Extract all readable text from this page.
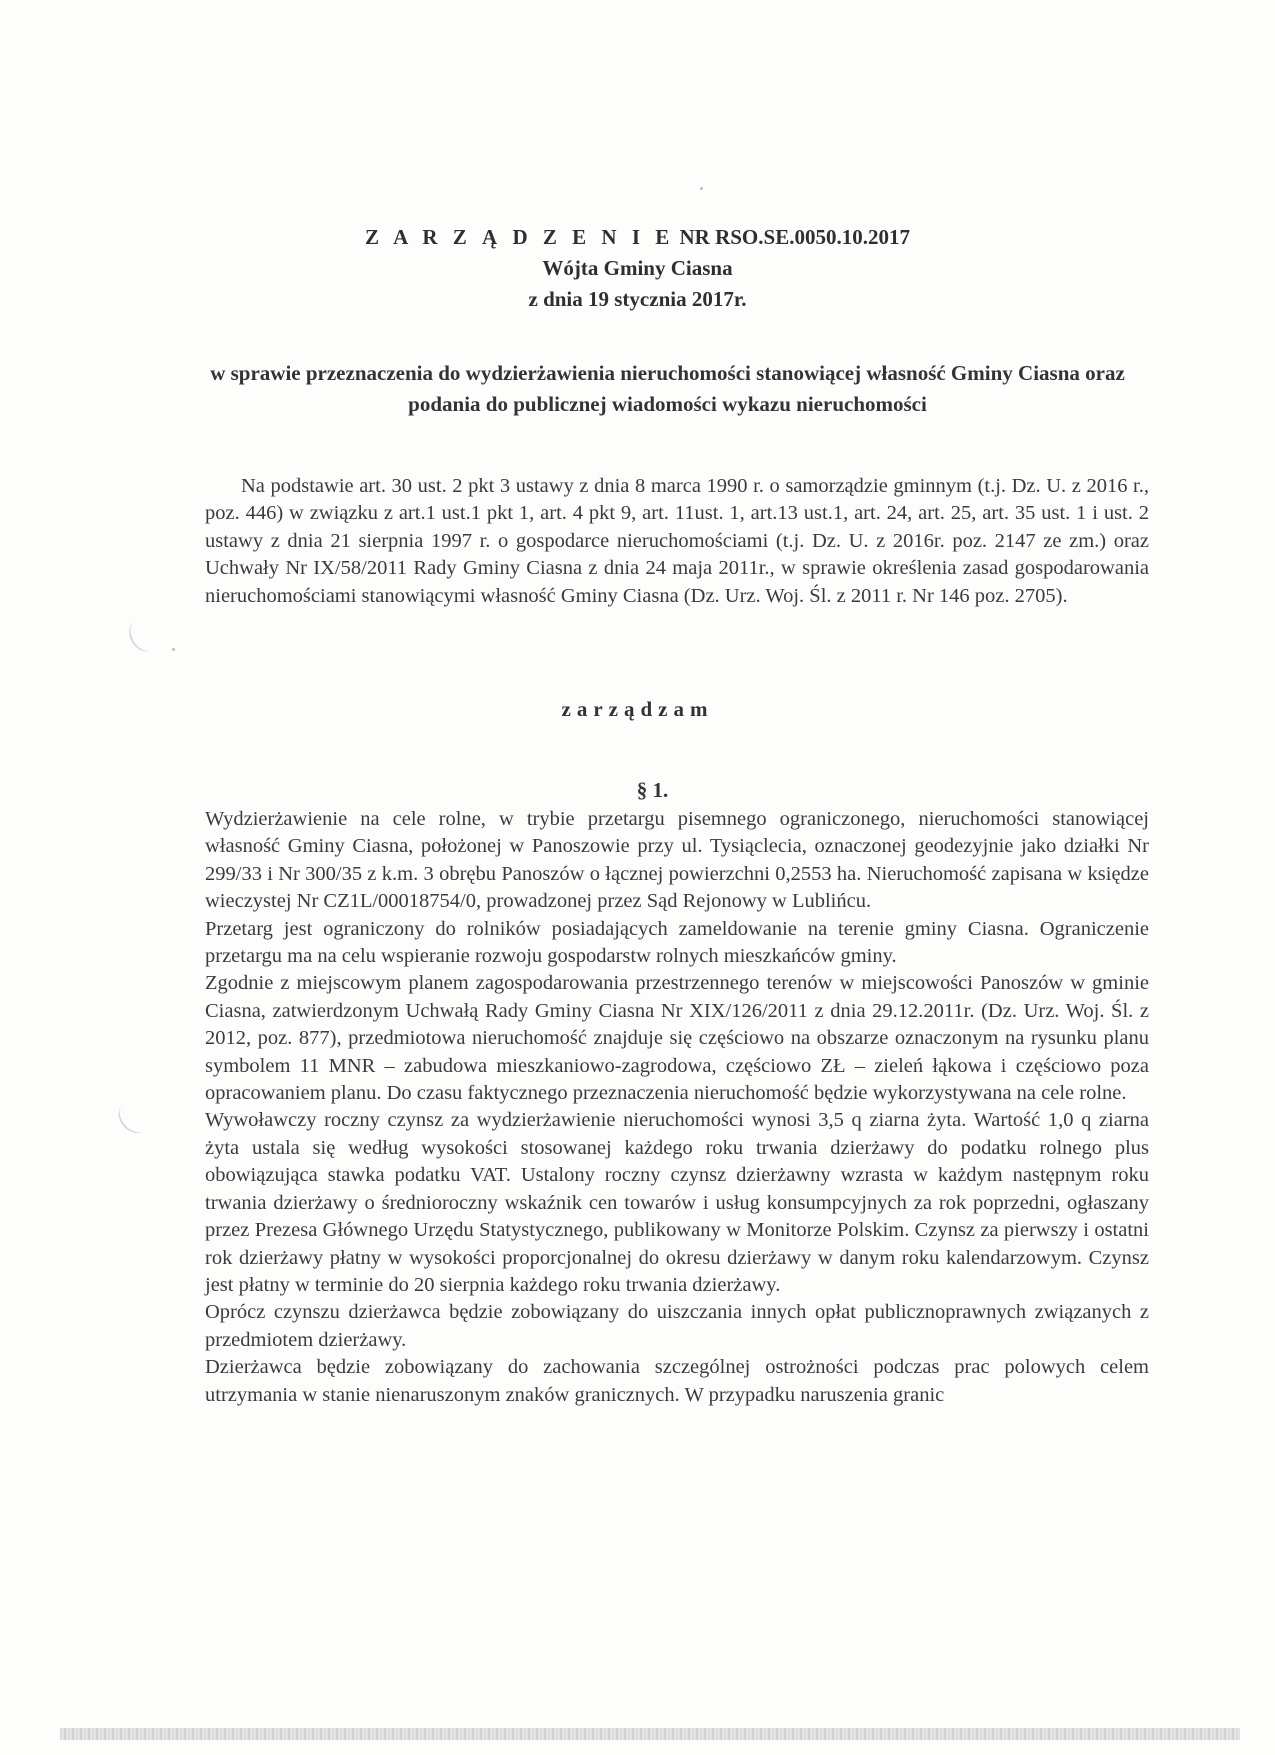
Z A R Z Ą D Z E N I E NR RSO.SE.0050.10.2017
Wójta Gminy Ciasna
z dnia 19 stycznia 2017r.
w sprawie przeznaczenia do wydzierżawienia nieruchomości stanowiącej własność Gminy Ciasna oraz podania do publicznej wiadomości wykazu nieruchomości
Na podstawie art. 30 ust. 2 pkt 3 ustawy z dnia 8 marca 1990 r. o samorządzie gminnym (t.j. Dz. U. z 2016 r., poz. 446) w związku z art.1 ust.1 pkt 1, art. 4 pkt 9, art. 11ust. 1, art.13 ust.1, art. 24, art. 25, art. 35 ust. 1 i ust. 2 ustawy z dnia 21 sierpnia 1997 r. o gospodarce nieruchomościami (t.j. Dz. U. z 2016r. poz. 2147 ze zm.) oraz Uchwały Nr IX/58/2011 Rady Gminy Ciasna z dnia 24 maja 2011r., w sprawie określenia zasad gospodarowania nieruchomościami stanowiącymi własność Gminy Ciasna (Dz. Urz. Woj. Śl. z 2011 r. Nr 146 poz. 2705).
zarządzam
§ 1.

Wydzierżawienie na cele rolne, w trybie przetargu pisemnego ograniczonego, nieruchomości stanowiącej własność Gminy Ciasna, położonej w Panoszowie przy ul. Tysiąclecia, oznaczonej geodezyjnie jako działki Nr 299/33 i Nr 300/35 z k.m. 3 obrębu Panoszów o łącznej powierzchni 0,2553 ha. Nieruchomość zapisana w księdze wieczystej Nr CZ1L/00018754/0, prowadzonej przez Sąd Rejonowy w Lublińcu.

Przetarg jest ograniczony do rolników posiadających zameldowanie na terenie gminy Ciasna. Ograniczenie przetargu ma na celu wspieranie rozwoju gospodarstw rolnych mieszkańców gminy.

Zgodnie z miejscowym planem zagospodarowania przestrzennego terenów w miejscowości Panoszów w gminie Ciasna, zatwierdzonym Uchwałą Rady Gminy Ciasna Nr XIX/126/2011 z dnia 29.12.2011r. (Dz. Urz. Woj. Śl. z 2012, poz. 877), przedmiotowa nieruchomość znajduje się częściowo na obszarze oznaczonym na rysunku planu symbolem 11 MNR – zabudowa mieszkaniowo-zagrodowa, częściowo ZŁ – zieleń łąkowa i częściowo poza opracowaniem planu. Do czasu faktycznego przeznaczenia nieruchomość będzie wykorzystywana na cele rolne.

Wywoławczy roczny czynsz za wydzierżawienie nieruchomości wynosi 3,5 q ziarna żyta. Wartość 1,0 q ziarna żyta ustala się według wysokości stosowanej każdego roku trwania dzierżawy do podatku rolnego plus obowiązująca stawka podatku VAT. Ustalony roczny czynsz dzierżawny wzrasta w każdym następnym roku trwania dzierżawy o średnioroczny wskaźnik cen towarów i usług konsumpcyjnych za rok poprzedni, ogłaszany przez Prezesa Głównego Urzędu Statystycznego, publikowany w Monitorze Polskim. Czynsz za pierwszy i ostatni rok dzierżawy płatny w wysokości proporcjonalnej do okresu dzierżawy w danym roku kalendarzowym. Czynsz jest płatny w terminie do 20 sierpnia każdego roku trwania dzierżawy.

Oprócz czynszu dzierżawca będzie zobowiązany do uiszczania innych opłat publicznoprawnych związanych z przedmiotem dzierżawy.

Dzierżawca będzie zobowiązany do zachowania szczególnej ostrożności podczas prac polowych celem utrzymania w stanie nienaruszonym znaków granicznych. W przypadku naruszenia granic
